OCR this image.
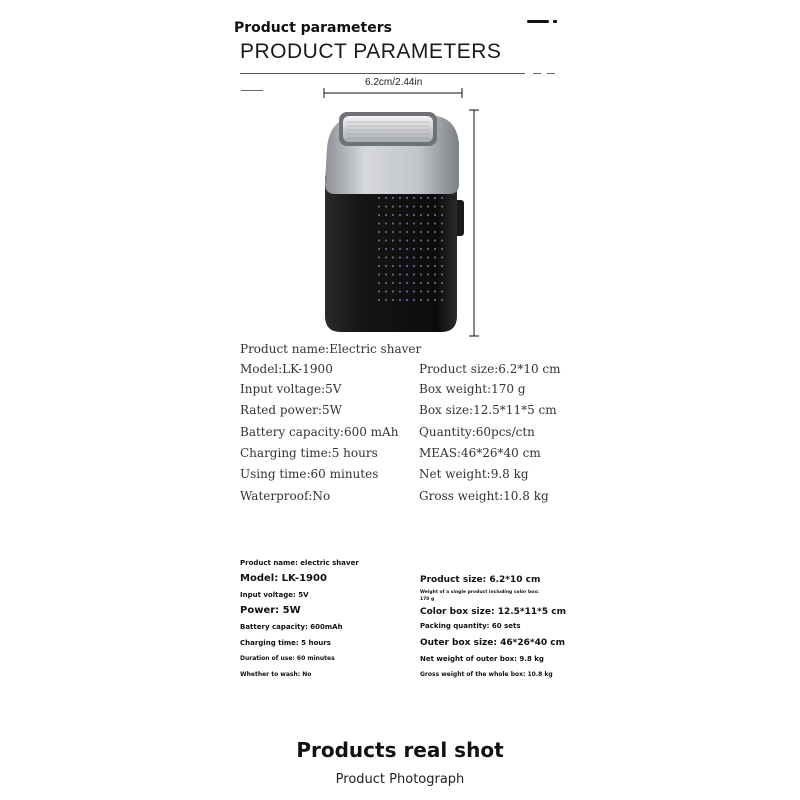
Product parameters
PRODUCT PARAMETERS
6.2cm/2.44in
Product name:Electric shaver
Model:LK-1900
Input voltage:5V
Rated power:5W
Battery capacity:600 mAh
Charging time:5 hours
Using time:60 minutes
Waterproof:No
Product size:6.2*10 cm
Box weight:170 g
Box size:12.5*11*5 cm
Quantity:60pcs/ctn
MEAS:46*26*40 cm
Net weight:9.8 kg
Gross weight:10.8 kg
Product name: electric shaver
Model: LK-1900
Input voltage: 5V
Power: 5W
Battery capacity: 600mAh
Charging time: 5 hours
Duration of use: 60 minutes
Whether to wash: No
Product size: 6.2*10 cm
Weight of a single product including color box: 170 g
Color box size: 12.5*11*5 cm
Packing quantity: 60 sets
Outer box size: 46*26*40 cm
Net weight of outer box: 9.8 kg
Gross weight of the whole box: 10.8 kg
Products real shot
Product Photograph
